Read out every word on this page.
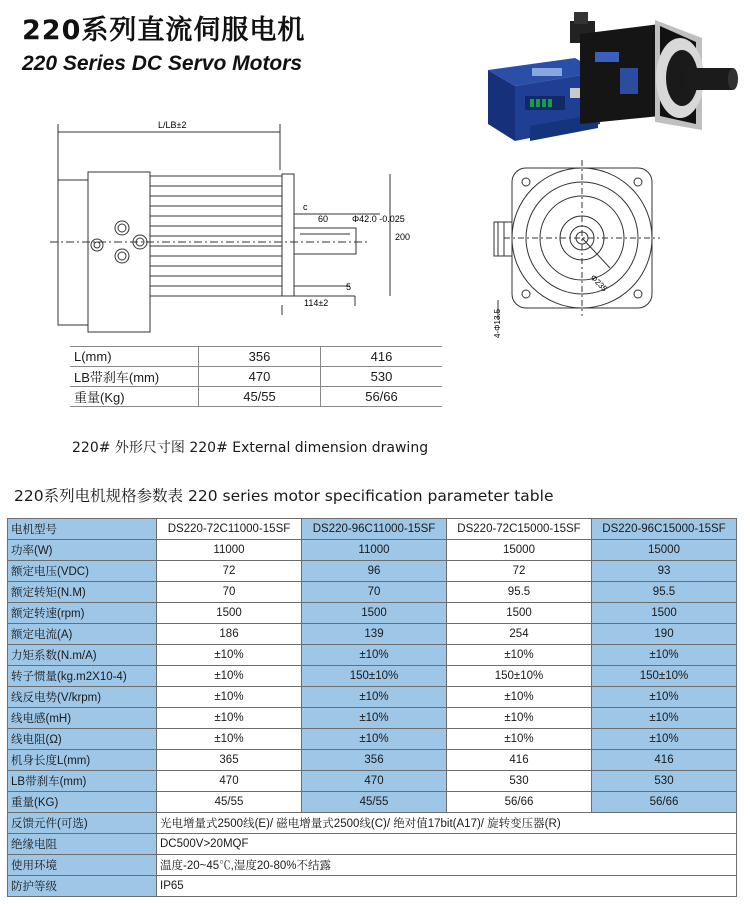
220系列直流伺服电机
220 Series DC Servo Motors
L/LB±2
60
c
Φ42.0 -0.025
200
114±2
5	Φ235
4-Φ13.5
L(mm)	356	416
LB带刹车(mm)	470	530
重量(Kg)	45/55	56/66
220# 外形尺寸图 220# External dimension drawing
220系列电机规格参数表 220 series motor specification parameter table
电机型号	DS220-72C11000-15SF	DS220-96C11000-15SF	DS220-72C15000-15SF	DS220-96C15000-15SF
功率(W)	11000	11000	15000	15000
额定电压(VDC)	72	96	72	93
额定转矩(N.M)	70	70	95.5	95.5
额定转速(rpm)	1500	1500	1500	1500
额定电流(A)	186	139	254	190
力矩系数(N.m/A)	±10%	±10%	±10%	±10%
转子惯量(kg.m2X10-4)	±10%	150±10%	150±10%	150±10%
线反电势(V/krpm)	±10%	±10%	±10%	±10%
线电感(mH)	±10%	±10%	±10%	±10%
线电阻(Ω)	±10%	±10%	±10%	±10%
机身长度L(mm)	365	356	416	416
LB带刹车(mm)	470	470	530	530
重量(KG)	45/55	45/55	56/66	56/66
反馈元件(可选)	光电增量式2500线(E)/ 磁电增量式2500线(C)/ 绝对值17bit(A17)/ 旋转变压器(R)			
绝缘电阻	DC500V>20MQF			
使用环境	温度-20~45℃,湿度20-80%不结露			
防护等级	IP65			
